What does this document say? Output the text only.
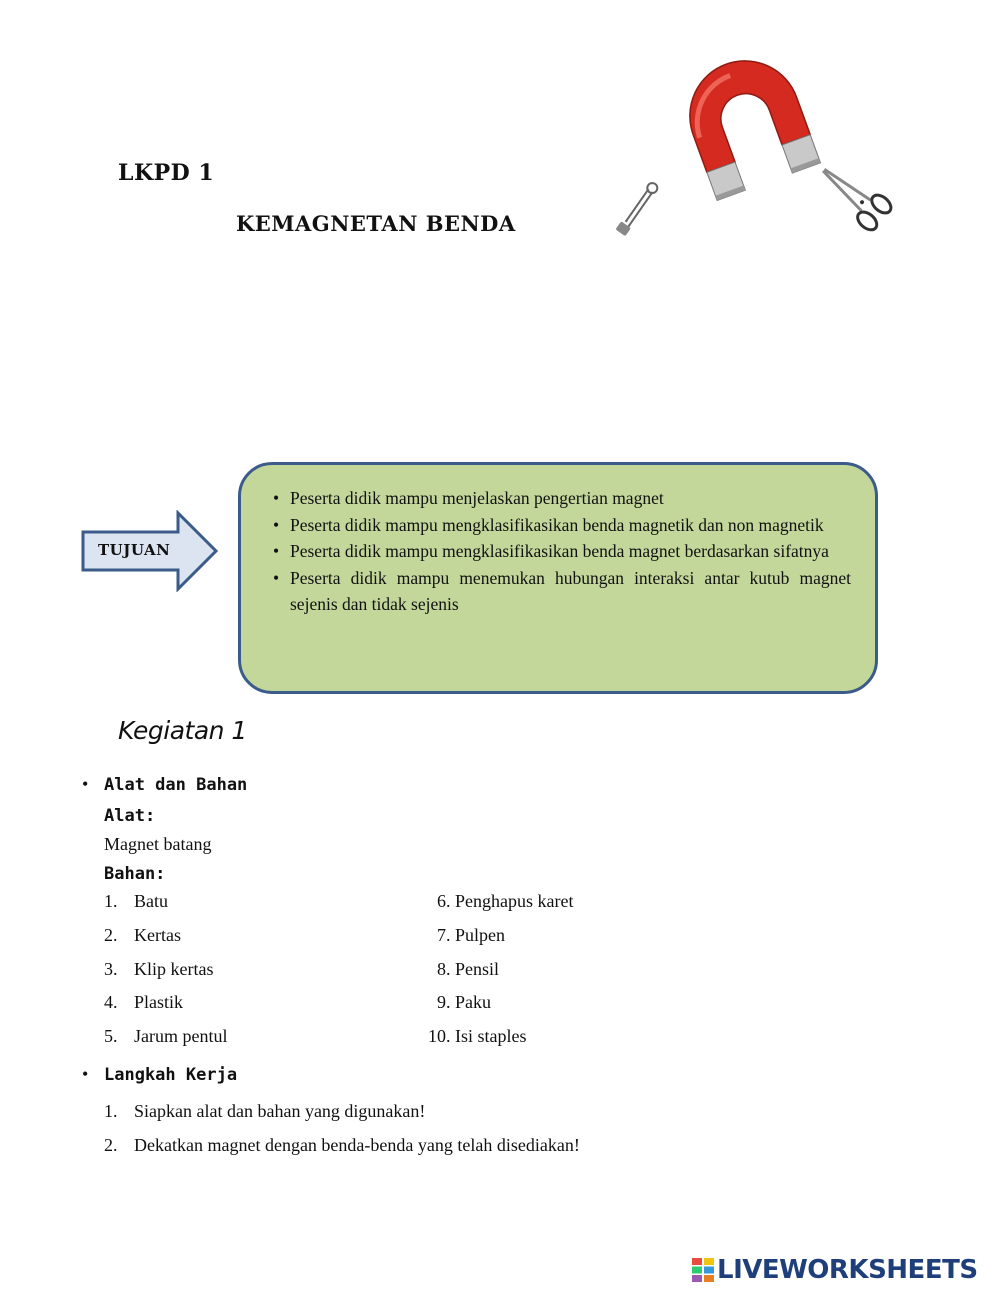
LKPD 1
KEMAGNETAN BENDA
TUJUAN
• Peserta didik mampu menjelaskan pengertian magnet
• Peserta didik mampu mengklasifikasikan benda magnetik dan non magnetik
• Peserta didik mampu mengklasifikasikan benda magnet berdasarkan sifatnya
• Peserta didik mampu menemukan hubungan interaksi antar kutub magnet sejenis dan tidak sejenis
Kegiatan 1
• Alat dan Bahan
Alat:
Magnet batang
Bahan:
1. Batu
2. Kertas
3. Klip kertas
4. Plastik
5. Jarum pentul
6. Penghapus karet
7. Pulpen
8. Pensil
9. Paku
10. Isi staples
• Langkah Kerja
1. Siapkan alat dan bahan yang digunakan!
2. Dekatkan magnet dengan benda-benda yang telah disediakan!
LIVEWORKSHEETS
